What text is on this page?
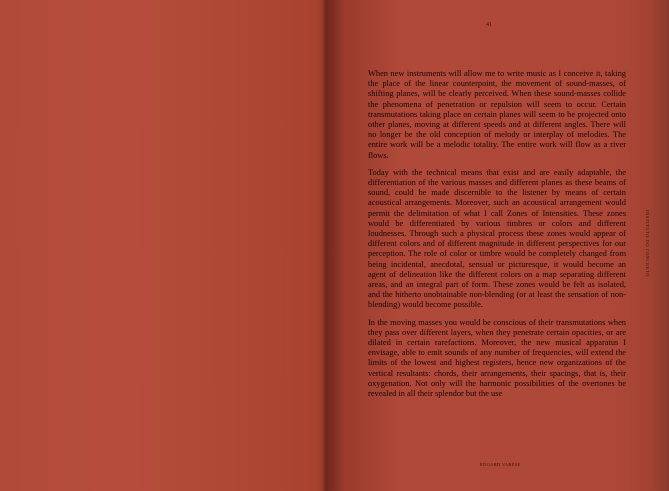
41

When new instruments will allow me to write music as I conceive it, taking the place of the linear counterpoint, the movement of sound-masses, of shifting planes, will be clearly perceived. When these sound-masses collide the phenomena of penetration or repulsion will seem to occur. Certain transmutations taking place on certain planes will seem to be projected onto other planes, moving at different speeds and at different angles. There will no longer be the old conception of melody or interplay of melodies. The entire work will be a melodic totality. The entire work will flow as a river flows.

Today with the technical means that exist and are easily adaptable, the differentiation of the various masses and different planes as these beams of sound, could be made discernible to the listener by means of certain acoustical arrangements. Moreover, such an acoustical arrangement would permit the delimitation of what I call Zones of Intensities. These zones would be differentiated by various timbres or colors and different loudnesses. Through such a physical process these zones would appear of different colors and of different magnitude in different perspectives for our perception. The role of color or timbre would be completely changed from being incidental, anecdotal, sensual or picturesque, it would become an agent of delineation like the different colors on a map separating different areas, and an integral part of form. These zones would be felt as isolated, and the hitherto unobtainable non-blending (or at least the sensation of non-blending) would become possible.

In the moving masses you would be conscious of their transmutations when they pass over different layers, when they penetrate certain opacities, or are dilated in certain rarefactions. Moreover, the new musical apparatus I envisage, able to emit sounds of any number of frequencies, will extend the limits of the lowest and highest registers, hence new organizations of the vertical resultants: chords, their arrangements, their spacings, that is, their oxygenation. Not only will the harmonic possibilities of the overtones be revealed in all their splendor but the use

EDGARD VARÈSE
INSTITUTO DO CONCRETO
